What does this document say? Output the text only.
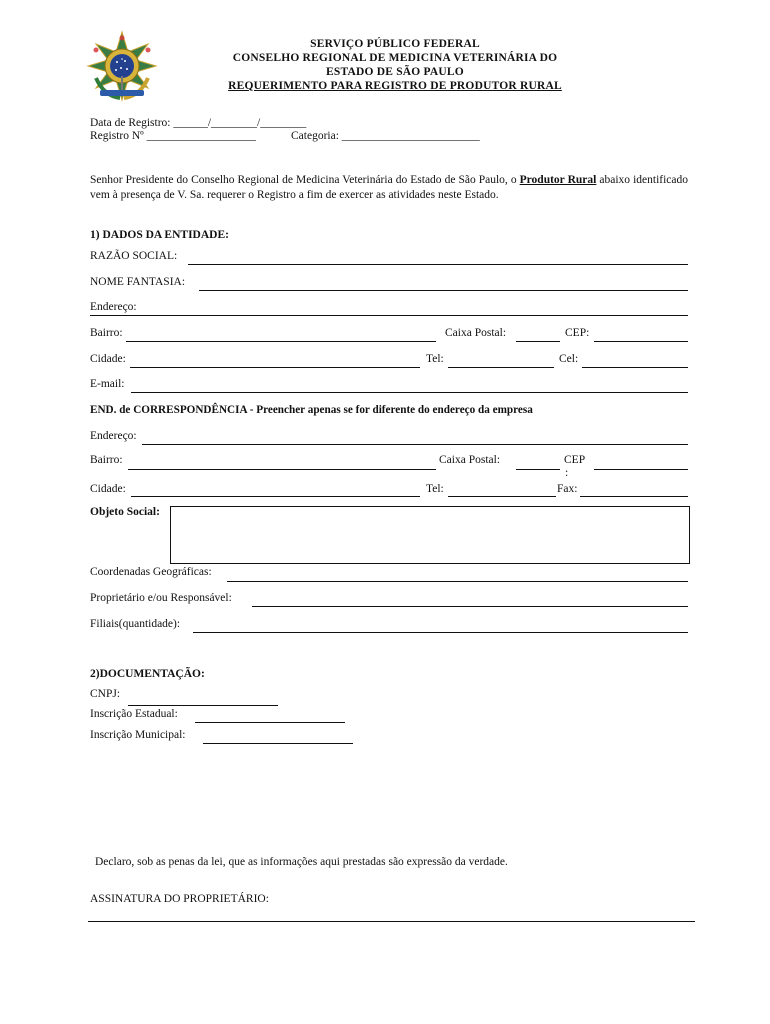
SERVIÇO PÚBLICO FEDERAL
CONSELHO REGIONAL DE MEDICINA VETERINÁRIA DO
ESTADO DE SÃO PAULO
REQUERIMENTO PARA REGISTRO DE PRODUTOR RURAL
Data de Registro: ______/________/________
Registro Nº ___________________	Categoria: ________________________
Senhor Presidente do Conselho Regional de Medicina Veterinária do Estado de São Paulo, o Produtor Rural abaixo identificado vem à presença de V. Sa. requerer o Registro a fim de exercer as atividades neste Estado.
1) DADOS DA ENTIDADE:
RAZÃO SOCIAL:
NOME FANTASIA:
Endereço:
Bairro:	Caixa Postal:	CEP:
Cidade:	Tel:	Cel:
E-mail:
END. de CORRESPONDÊNCIA - Preencher apenas se for diferente do endereço da empresa
Endereço:
Bairro:	Caixa Postal:	CEP
:
Cidade:	Tel:	Fax:
Objeto Social:
Coordenadas Geográficas:
Proprietário e/ou Responsável:
Filiais(quantidade):
2)DOCUMENTAÇÃO:
CNPJ:
Inscrição Estadual:
Inscrição Municipal:
Declaro, sob as penas da lei, que as informações aqui prestadas são expressão da verdade.
ASSINATURA DO PROPRIETÁRIO:
